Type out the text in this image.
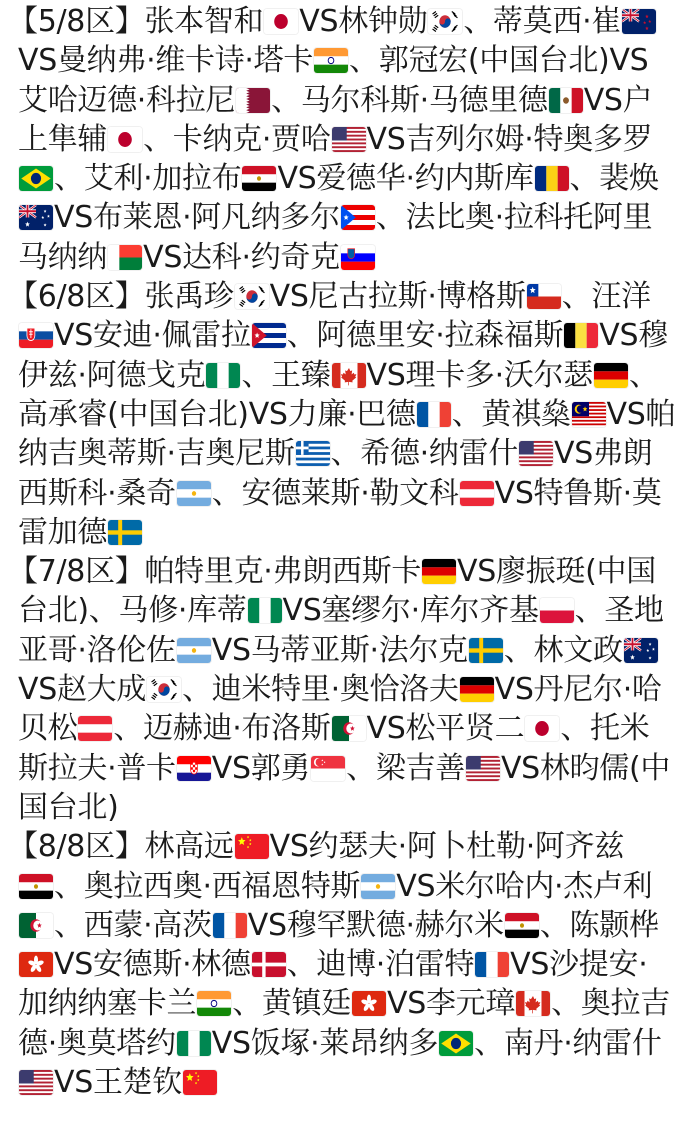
【5/8区】张本智和 VS林钟勋 、蒂莫西·崔
VS曼纳弗·维卡诗·塔卡 、郭冠宏(中国台北)VS
艾哈迈德·科拉尼 、马尔科斯·马德里德 VS户
上隼辅 、卡纳克·贾哈 VS吉列尔姆·特奥多罗
、艾利·加拉布 VS爱德华·约内斯库 、裴焕
VS布莱恩·阿凡纳多尔 、法比奥·拉科托阿里
马纳纳 VS达科·约奇克
【6/8区】张禹珍 VS尼古拉斯·博格斯 、汪洋
VS安迪·佩雷拉 、阿德里安·拉森福斯 VS穆
伊兹·阿德戈克 、王臻 VS理卡多·沃尔瑟 、
高承睿(中国台北)VS力廉·巴德 、黄祺燊 VS帕
纳吉奥蒂斯·吉奥尼斯 、希德·纳雷什 VS弗朗
西斯科·桑奇 、安德莱斯·勒文科 VS特鲁斯·莫
雷加德
【7/8区】帕特里克·弗朗西斯卡 VS廖振珽(中国
台北)、马修·库蒂 VS塞缪尔·库尔齐基 、圣地
亚哥·洛伦佐 VS马蒂亚斯·法尔克 、林文政
VS赵大成 、迪米特里·奥恰洛夫 VS丹尼尔·哈
贝松 、迈赫迪·布洛斯 VS松平贤二 、托米
斯拉夫·普卡 VS郭勇 、梁吉善 VS林昀儒(中
国台北)
【8/8区】林高远 VS约瑟夫·阿卜杜勒·阿齐兹
、奥拉西奥·西福恩特斯 VS米尔哈内·杰卢利
、西蒙·高茨 VS穆罕默德·赫尔米 、陈颢桦
VS安德斯·林德 、迪博·泊雷特 VS沙提安·
加纳纳塞卡兰 、黄镇廷 VS李元璋 、奥拉吉
德·奥莫塔约 VS饭塚·莱昂纳多 、南丹·纳雷什
VS王楚钦
